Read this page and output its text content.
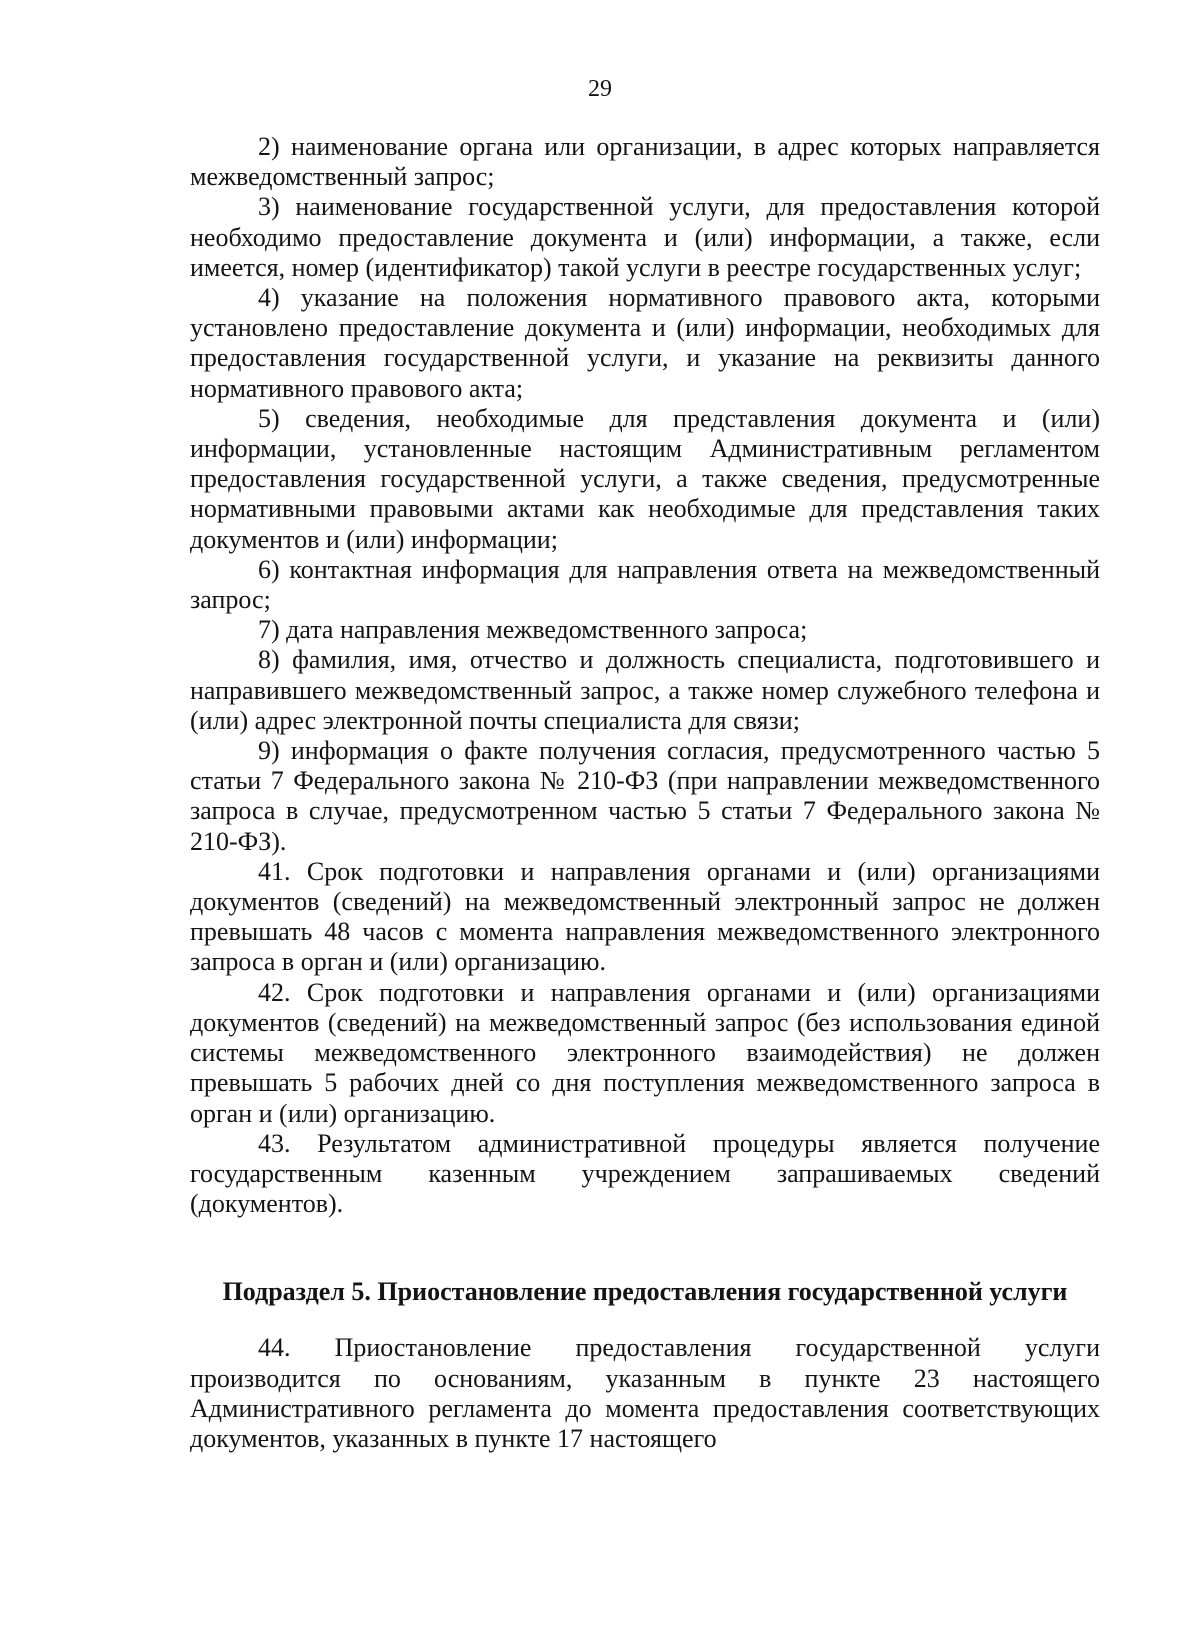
29

2) наименование органа или организации, в адрес которых направляется межведомственный запрос;

3) наименование государственной услуги, для предоставления которой необходимо предоставление документа и (или) информации, а также, если имеется, номер (идентификатор) такой услуги в реестре государственных услуг;

4) указание на положения нормативного правового акта, которыми установлено предоставление документа и (или) информации, необходимых для предоставления государственной услуги, и указание на реквизиты данного нормативного правового акта;

5) сведения, необходимые для представления документа и (или) информации, установленные настоящим Административным регламентом предоставления государственной услуги, а также сведения, предусмотренные нормативными правовыми актами как необходимые для представления таких документов и (или) информации;

6) контактная информация для направления ответа на межведомственный запрос;

7) дата направления межведомственного запроса;

8) фамилия, имя, отчество и должность специалиста, подготовившего и направившего межведомственный запрос, а также номер служебного телефона и (или) адрес электронной почты специалиста для связи;

9) информация о факте получения согласия, предусмотренного частью 5 статьи 7 Федерального закона № 210-ФЗ (при направлении межведомственного запроса в случае, предусмотренном частью 5 статьи 7 Федерального закона № 210-ФЗ).

41. Срок подготовки и направления органами и (или) организациями документов (сведений) на межведомственный электронный запрос не должен превышать 48 часов с момента направления межведомственного электронного запроса в орган и (или) организацию.

42. Срок подготовки и направления органами и (или) организациями документов (сведений) на межведомственный запрос (без использования единой системы межведомственного электронного взаимодействия) не должен превышать 5 рабочих дней со дня поступления межведомственного запроса в орган и (или) организацию.

43. Результатом административной процедуры является получение государственным казенным учреждением запрашиваемых сведений (документов).

Подраздел 5. Приостановление предоставления государственной услуги

44. Приостановление предоставления государственной услуги производится по основаниям, указанным в пункте 23 настоящего Административного регламента до момента предоставления соответствующих документов, указанных в пункте 17 настоящего
